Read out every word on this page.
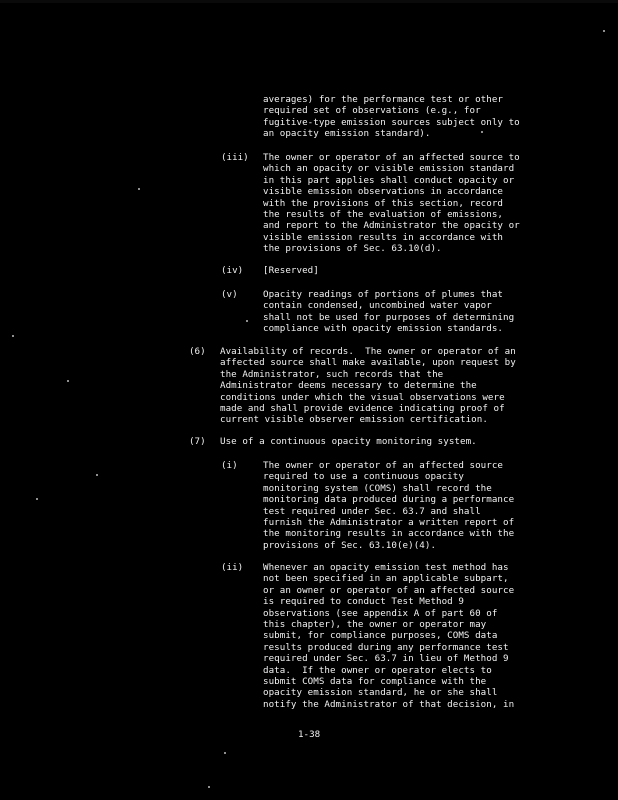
averages) for the performance test or other
required set of observations (e.g., for
fugitive-type emission sources subject only to
an opacity emission standard).

(iii) The owner or operator of an affected source to
which an opacity or visible emission standard
in this part applies shall conduct opacity or
visible emission observations in accordance
with the provisions of this section, record
the results of the evaluation of emissions,
and report to the Administrator the opacity or
visible emission results in accordance with
the provisions of Sec. 63.10(d).

(iv) [Reserved]

(v)	Opacity readings of portions of plumes that
contain condensed, uncombined water vapor
shall not be used for purposes of determining
compliance with opacity emission standards.

(6) Availability of records.  The owner or operator of an
affected source shall make available, upon request by
the Administrator, such records that the
Administrator deems necessary to determine the
conditions under which the visual observations were
made and shall provide evidence indicating proof of
current visible observer emission certification.

(7) Use of a continuous opacity monitoring system.

(i)	The owner or operator of an affected source
required to use a continuous opacity
monitoring system (COMS) shall record the
monitoring data produced during a performance
test required under Sec. 63.7 and shall
furnish the Administrator a written report of
the monitoring results in accordance with the
provisions of Sec. 63.10(e)(4).

(ii) Whenever an opacity emission test method has
not been specified in an applicable subpart,
or an owner or operator of an affected source
is required to conduct Test Method 9
observations (see appendix A of part 60 of
this chapter), the owner or operator may
submit, for compliance purposes, COMS data
results produced during any performance test
required under Sec. 63.7 in lieu of Method 9
data.  If the owner or operator elects to
submit COMS data for compliance with the
opacity emission standard, he or she shall
notify the Administrator of that decision, in

1-38
